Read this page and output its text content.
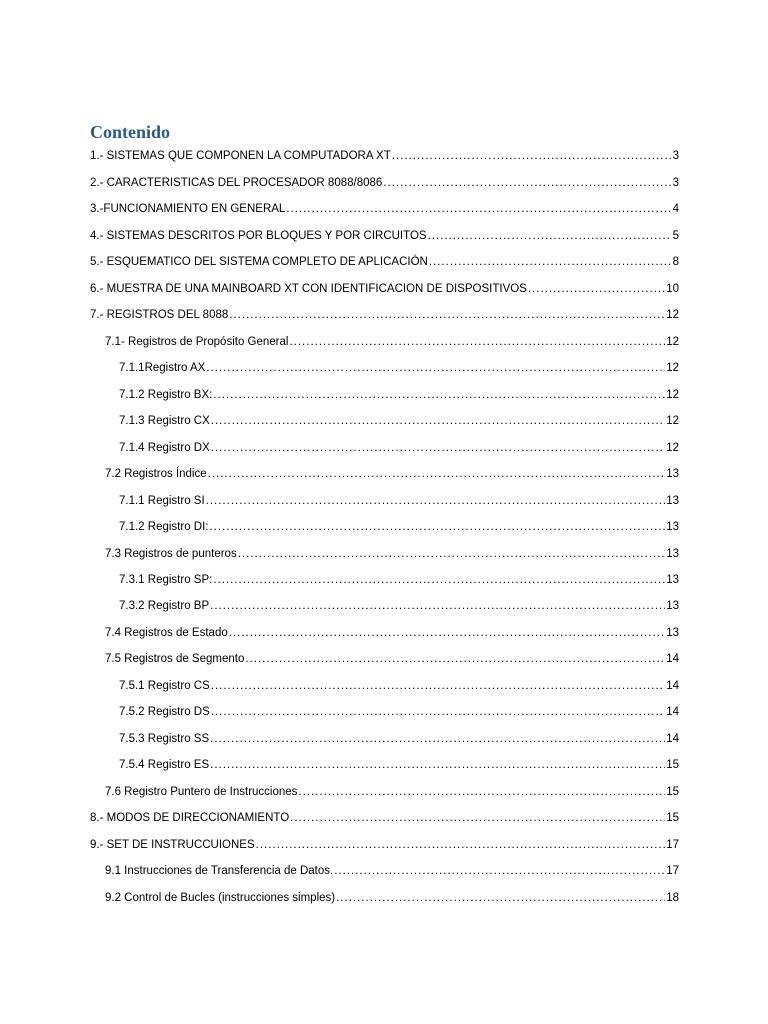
Contenido
1.- SISTEMAS QUE COMPONEN LA COMPUTADORA XT .....	3
2.- CARACTERISTICAS DEL PROCESADOR 8088/8086 .....	3
3.-FUNCIONAMIENTO EN GENERAL .....	4
4.- SISTEMAS DESCRITOS POR BLOQUES Y POR CIRCUITOS .....	5
5.- ESQUEMATICO DEL SISTEMA COMPLETO DE APLICACIÓN .....	8
6.- MUESTRA DE UNA MAINBOARD XT CON IDENTIFICACION DE DISPOSITIVOS .....	10
7.- REGISTROS DEL 8088 .....	12
7.1- Registros de Propósito General .....	12
7.1.1Registro AX .....	12
7.1.2 Registro BX: .....	12
7.1.3 Registro CX .....	12
7.1.4 Registro DX .....	12
7.2 Registros Índice .....	13
7.1.1 Registro SI .....	13
7.1.2 Registro DI: .....	13
7.3 Registros de punteros .....	13
7.3.1 Registro SP: .....	13
7.3.2 Registro BP .....	13
7.4 Registros de Estado .....	13
7.5 Registros de Segmento .....	14
7.5.1 Registro CS .....	14
7.5.2 Registro DS .....	14
7.5.3 Registro SS .....	14
7.5.4 Registro ES .....	15
7.6 Registro Puntero de Instrucciones .....	15
8.- MODOS DE DIRECCIONAMIENTO .....	15
9.- SET DE INSTRUCCUIONES .....	17
9.1 Instrucciones de Transferencia de Datos. .....	17
9.2 Control de Bucles (instrucciones simples) .....	18
